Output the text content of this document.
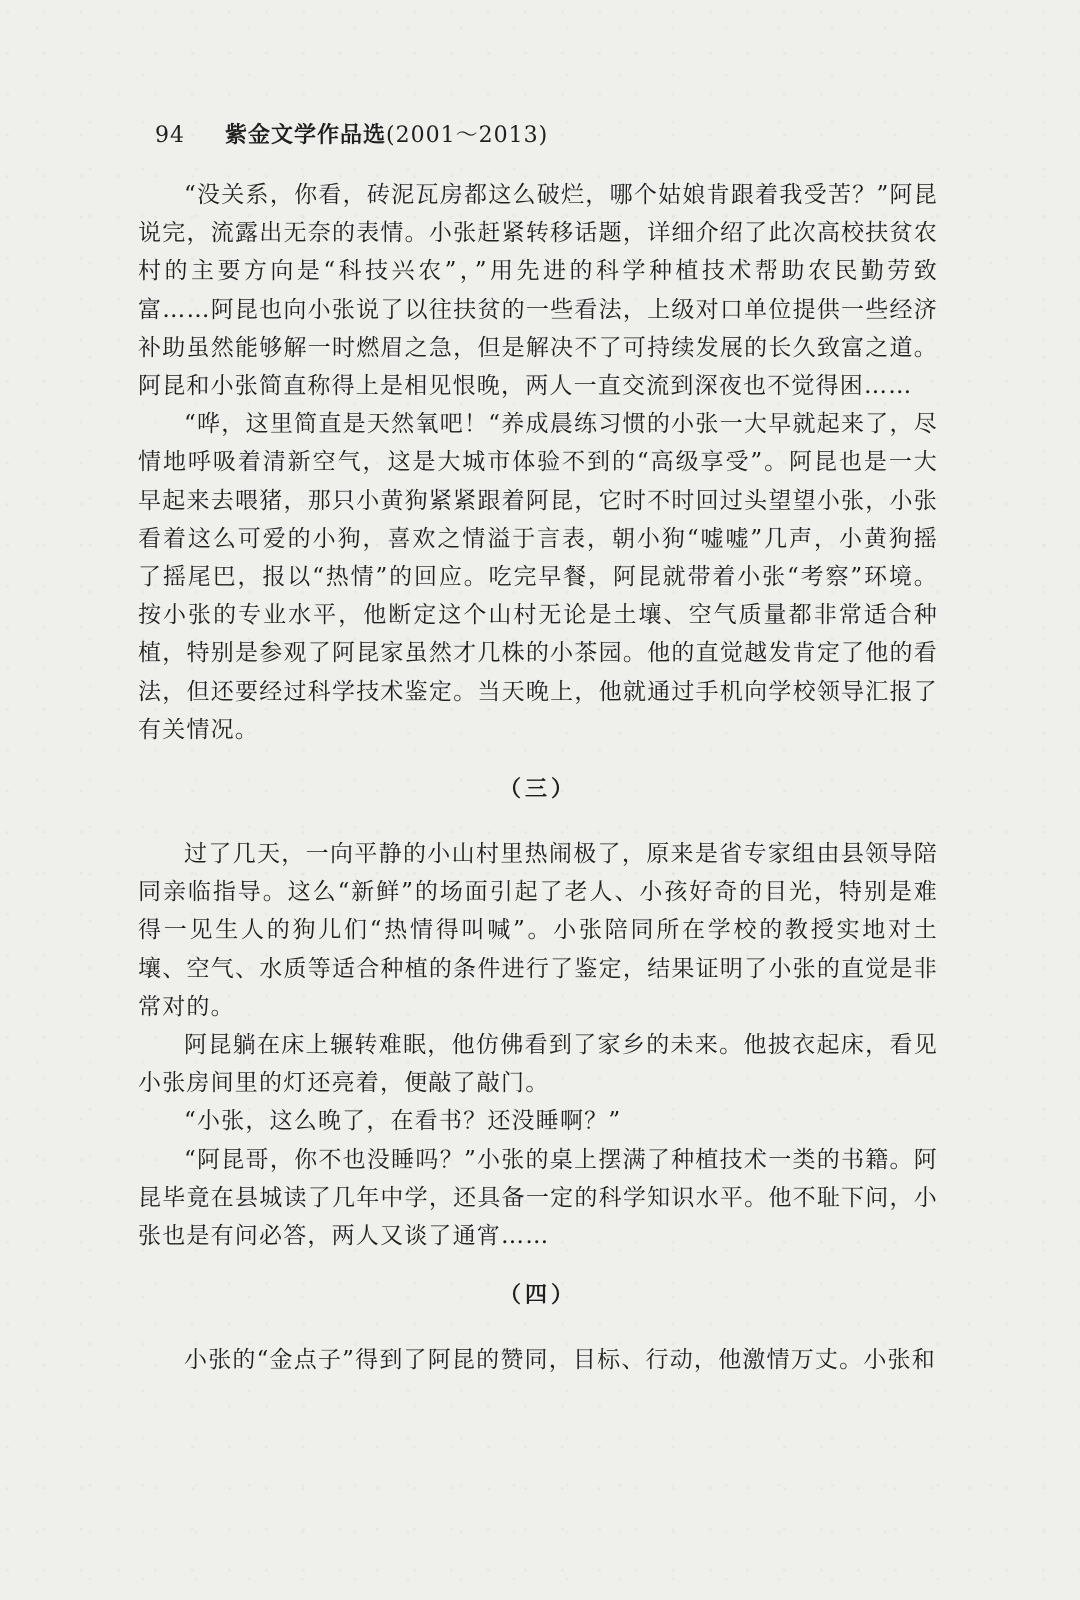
94 紫金文学作品选(2001～2013)

“没关系，你看，砖泥瓦房都这么破烂，哪个姑娘肯跟着我受苦？”阿昆说完，流露出无奈的表情。小张赶紧转移话题，详细介绍了此次高校扶贫农村的主要方向是“科技兴农”，”用先进的科学种植技术帮助农民勤劳致富……阿昆也向小张说了以往扶贫的一些看法，上级对口单位提供一些经济补助虽然能够解一时燃眉之急，但是解决不了可持续发展的长久致富之道。阿昆和小张简直称得上是相见恨晚，两人一直交流到深夜也不觉得困……

“哗，这里简直是天然氧吧！“养成晨练习惯的小张一大早就起来了，尽情地呼吸着清新空气，这是大城市体验不到的“高级享受”。阿昆也是一大早起来去喂猪，那只小黄狗紧紧跟着阿昆，它时不时回过头望望小张，小张看着这么可爱的小狗，喜欢之情溢于言表，朝小狗“嘘嘘”几声，小黄狗摇了摇尾巴，报以“热情”的回应。吃完早餐，阿昆就带着小张“考察”环境。按小张的专业水平，他断定这个山村无论是土壤、空气质量都非常适合种植，特别是参观了阿昆家虽然才几株的小茶园。他的直觉越发肯定了他的看法，但还要经过科学技术鉴定。当天晚上，他就通过手机向学校领导汇报了有关情况。

（三）

过了几天，一向平静的小山村里热闹极了，原来是省专家组由县领导陪同亲临指导。这么“新鲜”的场面引起了老人、小孩好奇的目光，特别是难得一见生人的狗儿们“热情得叫喊”。小张陪同所在学校的教授实地对土壤、空气、水质等适合种植的条件进行了鉴定，结果证明了小张的直觉是非常对的。

阿昆躺在床上辗转难眠，他仿佛看到了家乡的未来。他披衣起床，看见小张房间里的灯还亮着，便敲了敲门。

“小张，这么晚了，在看书？还没睡啊？”

“阿昆哥，你不也没睡吗？”小张的桌上摆满了种植技术一类的书籍。阿昆毕竟在县城读了几年中学，还具备一定的科学知识水平。他不耻下问，小张也是有问必答，两人又谈了通宵……

（四）

小张的“金点子”得到了阿昆的赞同，目标、行动，他激情万丈。小张和
